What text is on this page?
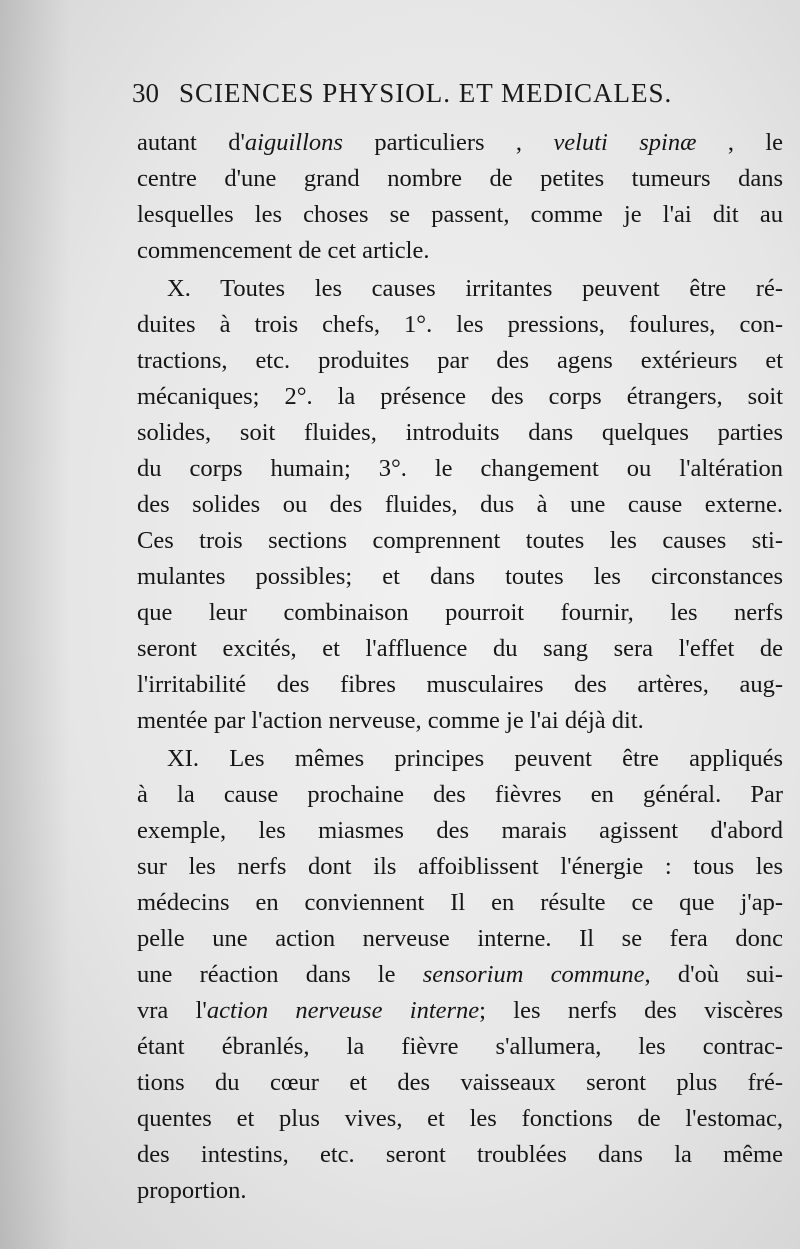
30 SCIENCES PHYSIOL. ET MEDICALES.
autant d'aiguillons particuliers , veluti spinæ , le
centre d'une grand nombre de petites tumeurs dans
lesquelles les choses se passent, comme je l'ai dit au
commencement de cet article.
X. Toutes les causes irritantes peuvent être ré-
duites à trois chefs, 1°. les pressions, foulures, con-
tractions, etc. produites par des agens extérieurs et
mécaniques; 2°. la présence des corps étrangers, soit
solides, soit fluides, introduits dans quelques parties
du corps humain; 3°. le changement ou l'altération
des solides ou des fluides, dus à une cause externe.
Ces trois sections comprennent toutes les causes sti-
mulantes possibles; et dans toutes les circonstances
que leur combinaison pourroit fournir, les nerfs
seront excités, et l'affluence du sang sera l'effet de
l'irritabilité des fibres musculaires des artères, aug-
mentée par l'action nerveuse, comme je l'ai déjà dit.
XI. Les mêmes principes peuvent être appliqués
à la cause prochaine des fièvres en général. Par
exemple, les miasmes des marais agissent d'abord
sur les nerfs dont ils affoiblissent l'énergie : tous les
médecins en conviennent Il en résulte ce que j'ap-
pelle une action nerveuse interne. Il se fera donc
une réaction dans le sensorium commune, d'où sui-
vra l'action nerveuse interne; les nerfs des viscères
étant ébranlés, la fièvre s'allumera, les contrac-
tions du cœur et des vaisseaux seront plus fré-
quentes et plus vives, et les fonctions de l'estomac,
des intestins, etc. seront troublées dans la même
proportion.
